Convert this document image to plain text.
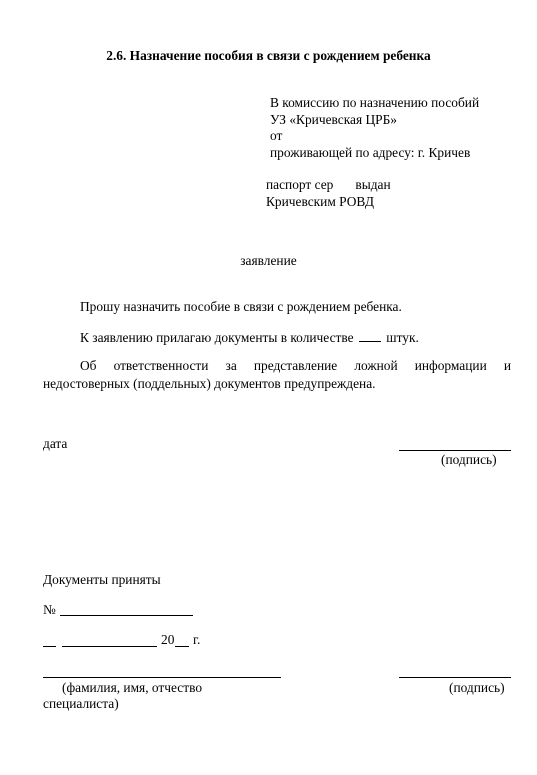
2.6. Назначение пособия в связи с рождением ребенка
В комиссию по назначению пособий
УЗ «Кричевская ЦРБ»
от
проживающей по адресу: г. Кричев
паспорт сер выдан
Кричевским РОВД
заявление
Прошу назначить пособие в связи с рождением ребенка.
К заявлению прилагаю документы в количестве штук.
Об ответственности за представление ложной информации и
недостоверных (поддельных) документов предупреждена.
дата
(подпись)
Документы приняты
№
20 г.
(фамилия, имя, отчество
специалиста)
(подпись)
